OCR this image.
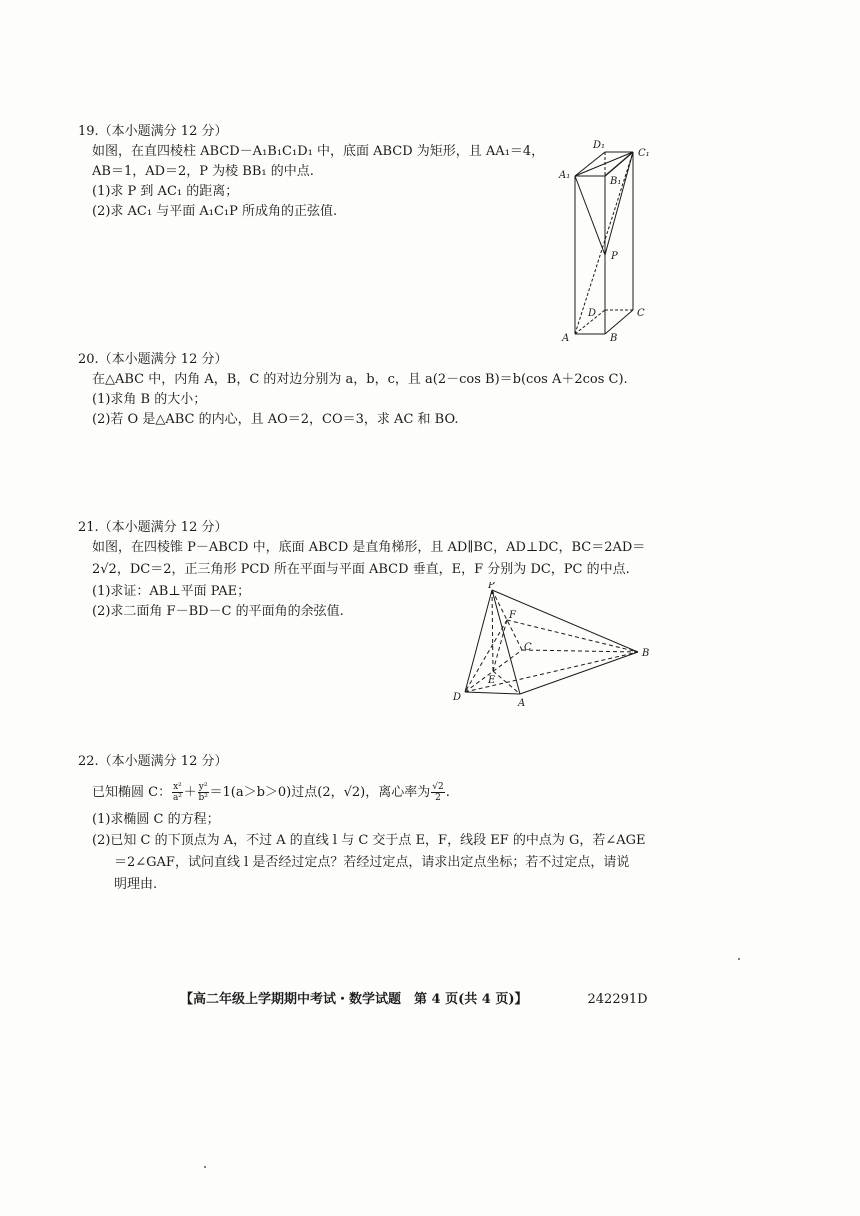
19.（本小题满分 12 分）
如图，在直四棱柱 ABCD－A₁B₁C₁D₁ 中，底面 ABCD 为矩形，且 AA₁＝4，
AB＝1，AD＝2，P 为棱 BB₁ 的中点.
(1)求 P 到 AC₁ 的距离；
(2)求 AC₁ 与平面 A₁C₁P 所成角的正弦值.
D₁
C₁
A₁
B₁
P
D	C
A	B
20.（本小题满分 12 分）
在△ABC 中，内角 A，B，C 的对边分别为 a，b，c，且 a(2－cos B)＝b(cos A＋2cos C).
(1)求角 B 的大小；
(2)若 O 是△ABC 的内心，且 AO＝2，CO＝3，求 AC 和 BO.
21.（本小题满分 12 分）
如图，在四棱锥 P－ABCD 中，底面 ABCD 是直角梯形，且 AD∥BC，AD⊥DC，BC＝2AD＝
2√2，DC＝2，正三角形 PCD 所在平面与平面 ABCD 垂直，E，F 分别为 DC，PC 的中点.
(1)求证：AB⊥平面 PAE；
(2)求二面角 F－BD－C 的平面角的余弦值.
P
F
C
B
E
D
A
22.（本小题满分 12 分）
已知椭圆 C： $\frac{\text{x²}}{\text{a²}} + \frac{\text{y²}}{\text{b²}} =1(a>b>0)$过点(2，√2)，离心率为 $\frac{√2}{2}$ .
(1)求椭圆 C 的方程；
(2)已知 C 的下顶点为 A，不过 A 的直线 l 与 C 交于点 E，F，线段 EF 的中点为 G，若∠AGE
＝2∠GAF，试问直线 l 是否经过定点？若经过定点，请求出定点坐标；若不过定点，请说
明理由.
【高二年级上学期期中考试・数学试题　第 4 页(共 4 页)】	242291D
